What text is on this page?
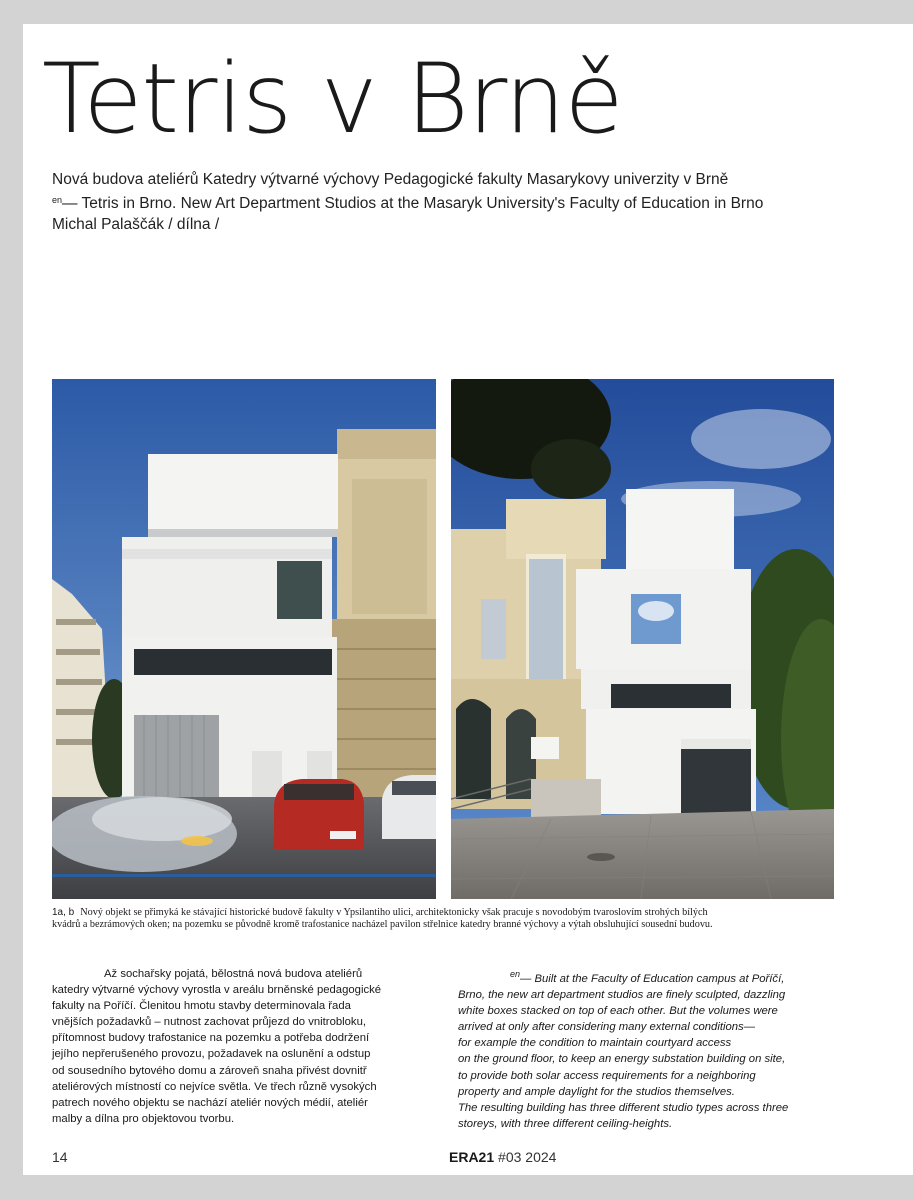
Tetris v Brně
Nová budova ateliérů Katedry výtvarné výchovy Pedagogické fakulty Masarykovy univerzity v Brně
$^{en}$— Tetris in Brno. New Art Department Studios at the Masaryk University's Faculty of Education in Brno
Michal Palaščák / dílna /
1a, b Nový objekt se přimyká ke stávající historické budově fakulty v Ypsilantiho ulici, architektonicky však pracuje s novodobým tvaroslovím strohých bílých
kvádrů a bezrámových oken; na pozemku se původně kromě trafostanice nacházel pavilon střelnice katedry branné výchovy a výtah obsluhující sousední budovu.
Až sochařsky pojatá, bělostná nová budova ateliérů
katedry výtvarné výchovy vyrostla v areálu brněnské pedagogické
fakulty na Poříčí. Členitou hmotu stavby determinovala řada
vnějších požadavků – nutnost zachovat průjezd do vnitrobloku,
přítomnost budovy trafostanice na pozemku a potřeba dodržení
jejího nepřerušeného provozu, požadavek na oslunění a odstup
od sousedního bytového domu a zároveň snaha přivést dovnitř
ateliérových místností co nejvíce světla. Ve třech různě vysokých
patrech nového objektu se nachází ateliér nových médií, ateliér
malby a dílna pro objektovou tvorbu.
$^{en}$— Built at the Faculty of Education campus at Poříčí,
Brno, the new art department studios are finely sculpted, dazzling
white boxes stacked on top of each other. But the volumes were
arrived at only after considering many external conditions—
for example the condition to maintain courtyard access
on the ground floor, to keep an energy substation building on site,
to provide both solar access requirements for a neighboring
property and ample daylight for the studios themselves.
The resulting building has three different studio types across three
storeys, with three different ceiling-heights.
14	ERA21 #03 2024
